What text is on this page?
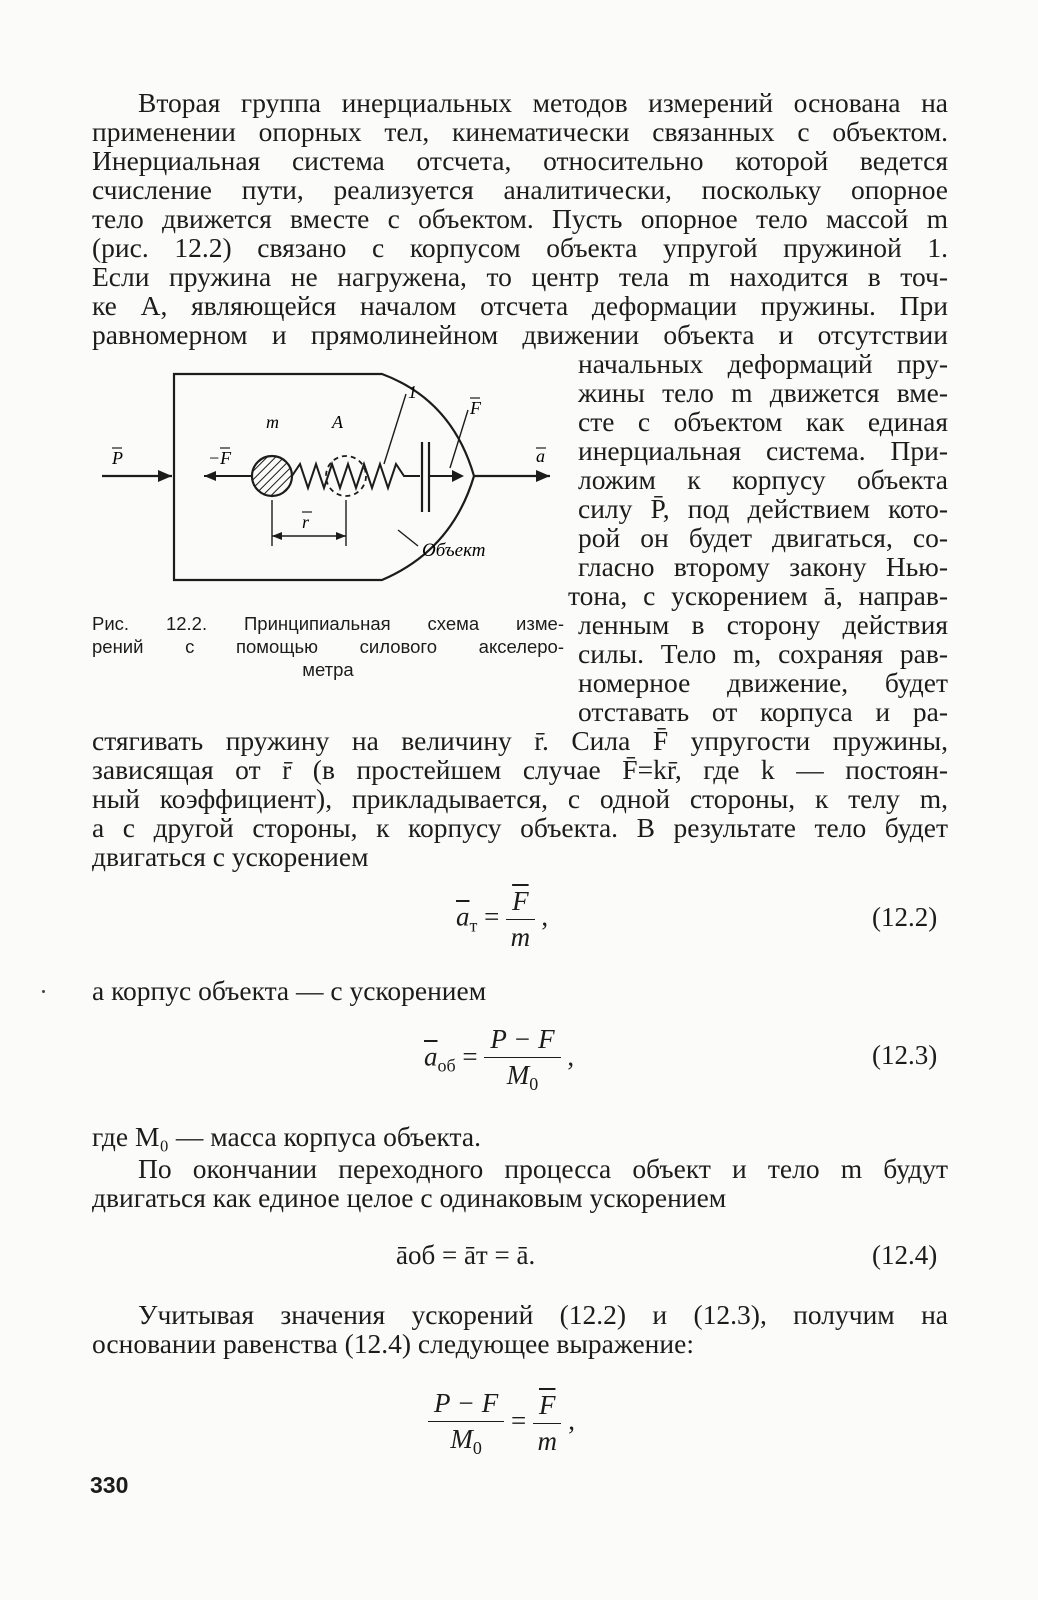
Вторая группа инерциальных методов измерений основана на
применении опорных тел, кинематически связанных с объектом.
Инерциальная система отсчета, относительно которой ведется
счисление пути, реализуется аналитически, поскольку опорное
тело движется вместе с объектом. Пусть опорное тело массой m
(рис. 12.2) связано с корпусом объекта упругой пружиной 1.
Если пружина не нагружена, то центр тела m находится в точ-
ке A, являющейся началом отсчета деформации пружины. При
равномерном и прямолинейном движении объекта и отсутствии
начальных деформаций пру-
жины тело m движется вме-
сте с объектом как единая
инерциальная система. При-
ложим к корпусу объекта
силу P̄, под действием кото-
рой он будет двигаться, со-
гласно второму закону Нью-
тона, с ускорением ā, направ-
ленным в сторону действия
силы. Тело m, сохраняя рав-
номерное движение, будет
отставать от корпуса и ра-
P	−F
m	A
1
F
a
r
Объект
Рис. 12.2. Принципиальная схема изме-
рений с помощью силового акселеро-
метра
стягивать пружину на величину r̄. Сила F̄ упругости пружины,
зависящая от r̄ (в простейшем случае F̄=kr̄, где k — постоян-
ный коэффициент), прикладывается, с одной стороны, к телу m,
а с другой стороны, к корпусу объекта. В результате тело будет
двигаться с ускорением
$\overline{a}_т = \frac{\overline{F}}{m}$ ,	(12.2)
а корпус объекта — с ускорением
$\overline{a}_{об} = \frac{P - F}{M_0}$ ,	(12.3)
где M₀ — масса корпуса объекта.
По окончании переходного процесса объект и тело m будут
двигаться как единое целое с одинаковым ускорением
āоб = āт = ā.	(12.4)
Учитывая значения ускорений (12.2) и (12.3), получим на
основании равенства (12.4) следующее выражение:
$\frac{P - F}{M_0} = \frac{\overline{F}}{m}$ ,
330
